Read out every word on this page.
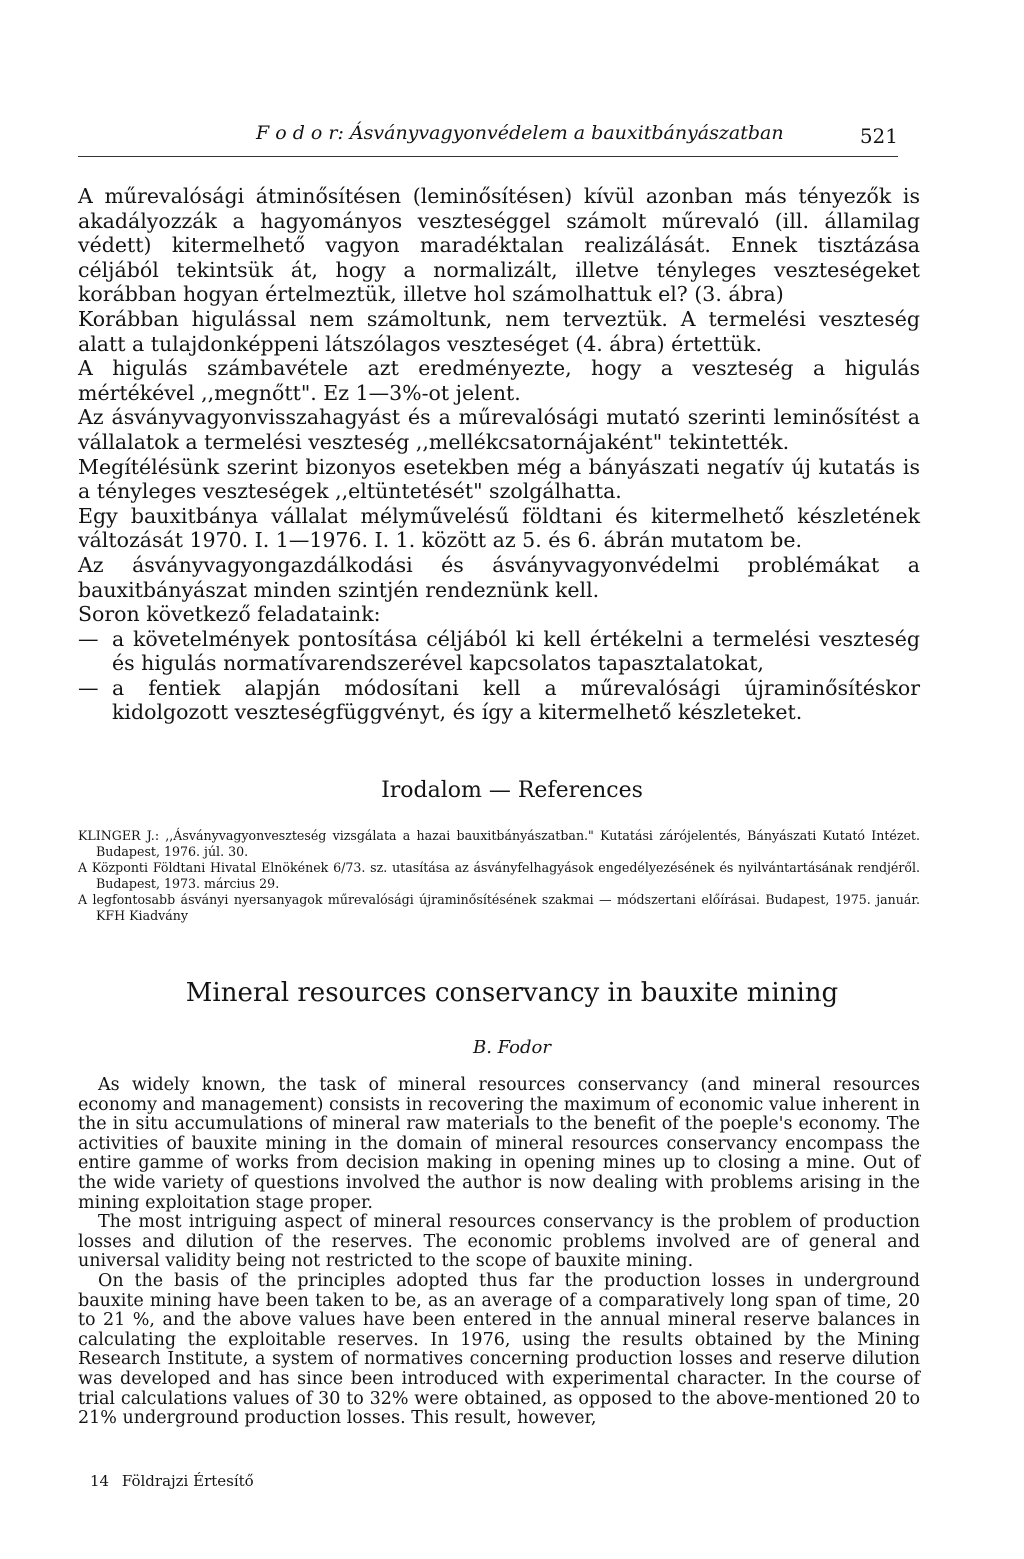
F o d o r: Ásványvagyonvédelem a bauxitbányászatban	521

A műrevalósági átminősítésen (leminősítésen) kívül azonban más tényezők is akadályozzák a hagyományos veszteséggel számolt műrevaló (ill. államilag védett) kitermelhető vagyon maradéktalan realizálását. Ennek tisztázása céljából tekintsük át, hogy a normalizált, illetve tényleges veszteségeket korábban hogyan értelmeztük, illetve hol számolhattuk el? (3. ábra)

Korábban higulással nem számoltunk, nem terveztük. A termelési veszteség alatt a tulajdonképpeni látszólagos veszteséget (4. ábra) értettük.

A higulás számbavétele azt eredményezte, hogy a veszteség a higulás mértékével ,,megnőtt". Ez 1—3%-ot jelent.

Az ásványvagyonvisszahagyást és a műrevalósági mutató szerinti leminősítést a vállalatok a termelési veszteség ,,mellékcsatornájaként" tekintették.

Megítélésünk szerint bizonyos esetekben még a bányászati negatív új kutatás is a tényleges veszteségek ,,eltüntetését" szolgálhatta.

Egy bauxitbánya vállalat mélyművelésű földtani és kitermelhető készletének változását 1970. I. 1—1976. I. 1. között az 5. és 6. ábrán mutatom be.

Az ásványvagyongazdálkodási és ásványvagyonvédelmi problémákat a bauxitbányászat minden szintjén rendeznünk kell.

Soron következő feladataink:

— a követelmények pontosítása céljából ki kell értékelni a termelési veszteség és higulás normatívarendszerével kapcsolatos tapasztalatokat,
— a fentiek alapján módosítani kell a műrevalósági újraminősítéskor kidolgozott veszteségfüggvényt, és így a kitermelhető készleteket.
Irodalom — References

KLINGER J.: ,,Ásványvagyonveszteség vizsgálata a hazai bauxitbányászatban." Kutatási zárójelentés, Bányászati Kutató Intézet. Budapest, 1976. júl. 30.

A Központi Földtani Hivatal Elnökének 6/73. sz. utasítása az ásványfelhagyások engedélyezésének és nyilvántartásának rendjéről. Budapest, 1973. március 29.

A legfontosabb ásványi nyersanyagok műrevalósági újraminősítésének szakmai — módszertani előírásai. Budapest, 1975. január. KFH Kiadvány

Mineral resources conservancy in bauxite mining
B. Fodor

As widely known, the task of mineral resources conservancy (and mineral resources economy and management) consists in recovering the maximum of economic value inherent in the in situ accumulations of mineral raw materials to the benefit of the poeple's economy. The activities of bauxite mining in the domain of mineral resources conservancy encompass the entire gamme of works from decision making in opening mines up to closing a mine. Out of the wide variety of questions involved the author is now dealing with problems arising in the mining exploitation stage proper.

The most intriguing aspect of mineral resources conservancy is the problem of production losses and dilution of the reserves. The economic problems involved are of general and universal validity being not restricted to the scope of bauxite mining.

On the basis of the principles adopted thus far the production losses in underground bauxite mining have been taken to be, as an average of a comparatively long span of time, 20 to 21 %, and the above values have been entered in the annual mineral reserve balances in calculating the exploitable reserves. In 1976, using the results obtained by the Mining Research Institute, a system of normatives concerning production losses and reserve dilution was developed and has since been introduced with experimental character. In the course of trial calculations values of 30 to 32% were obtained, as opposed to the above-mentioned 20 to 21% underground production losses. This result, however,

14 Földrajzi Értesítő
